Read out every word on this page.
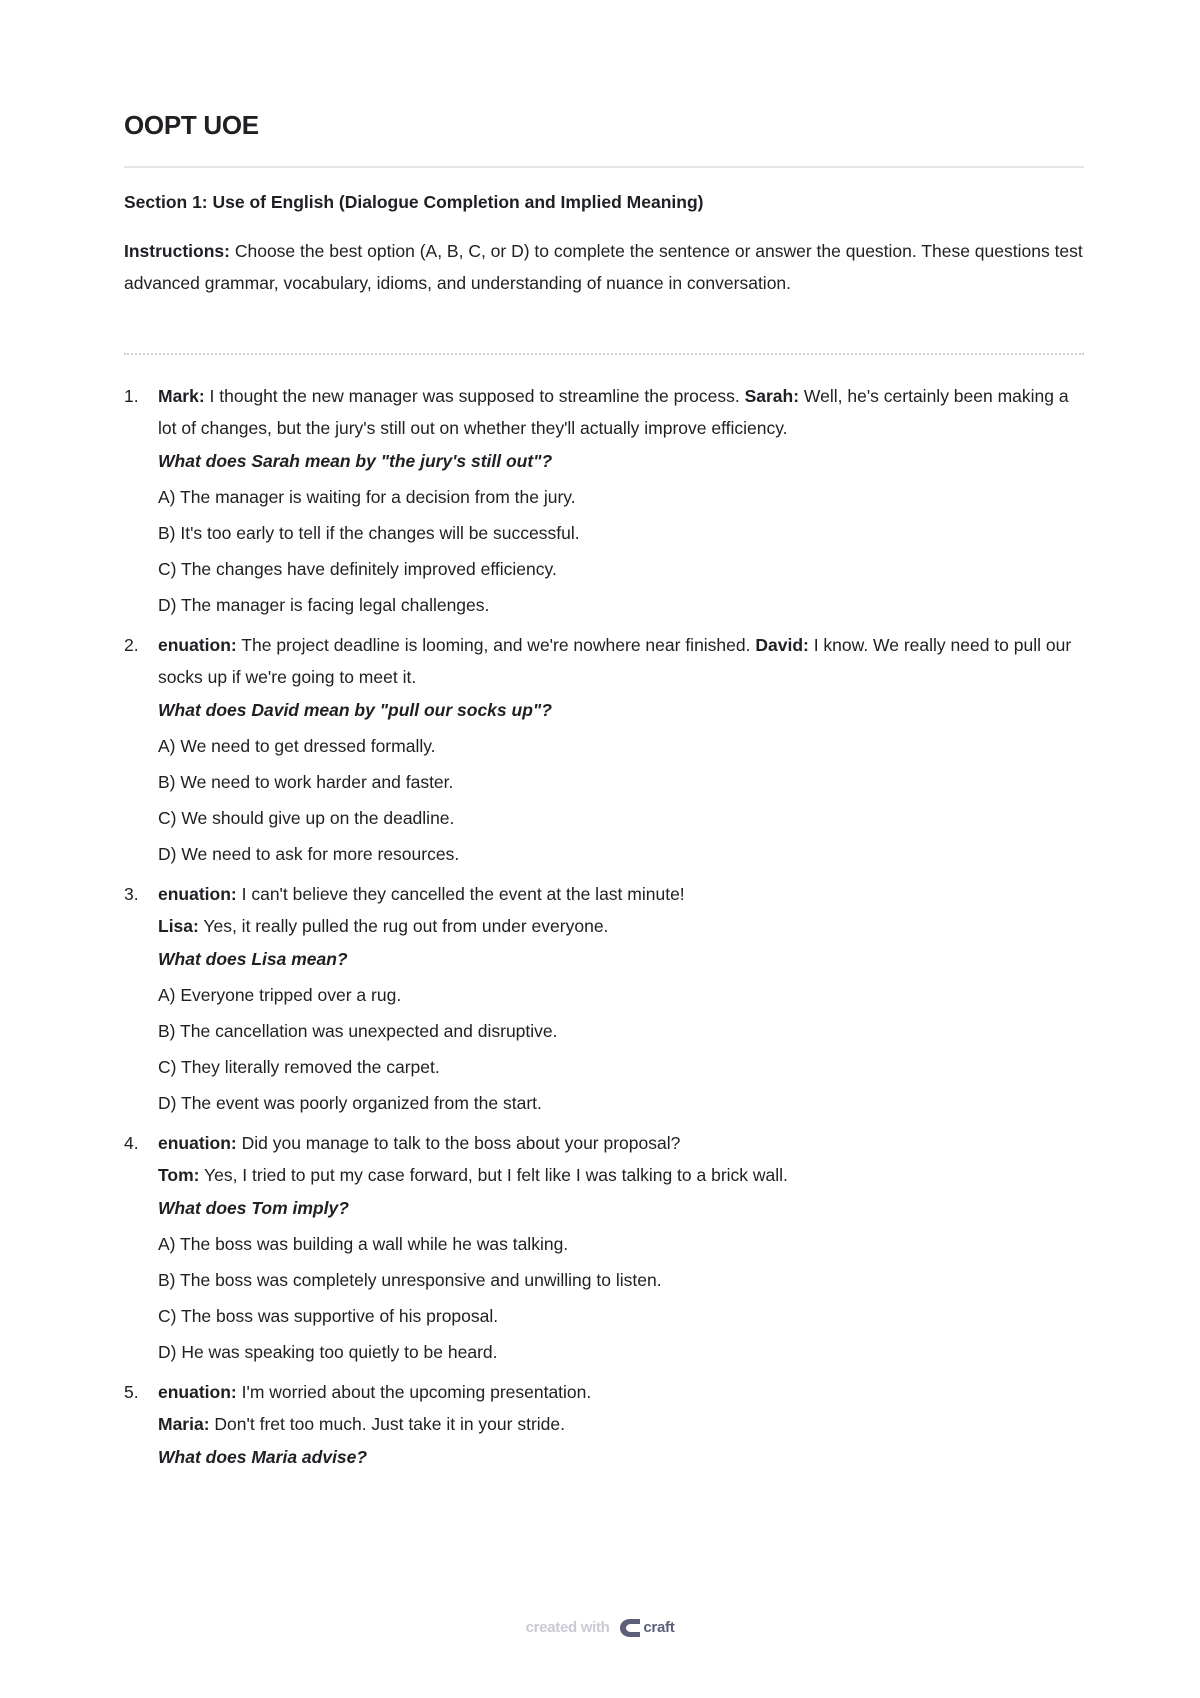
OOPT UOE

Section 1: Use of English (Dialogue Completion and Implied Meaning)

Instructions: Choose the best option (A, B, C, or D) to complete the sentence or answer the question. These questions test advanced grammar, vocabulary, idioms, and understanding of nuance in conversation.

1. Mark: I thought the new manager was supposed to streamline the process. Sarah: Well, he's certainly been making a lot of changes, but the jury's still out on whether they'll actually improve efficiency.

What does Sarah mean by "the jury's still out"?

A) The manager is waiting for a decision from the jury.

B) It's too early to tell if the changes will be successful.

C) The changes have definitely improved efficiency.

D) The manager is facing legal challenges.

2. enuation: The project deadline is looming, and we're nowhere near finished. David: I know. We really need to pull our socks up if we're going to meet it.

What does David mean by "pull our socks up"?

A) We need to get dressed formally.

B) We need to work harder and faster.

C) We should give up on the deadline.

D) We need to ask for more resources.

3. enuation: I can't believe they cancelled the event at the last minute!

Lisa: Yes, it really pulled the rug out from under everyone.

What does Lisa mean?

A) Everyone tripped over a rug.

B) The cancellation was unexpected and disruptive.

C) They literally removed the carpet.

D) The event was poorly organized from the start.

4. enuation: Did you manage to talk to the boss about your proposal?

Tom: Yes, I tried to put my case forward, but I felt like I was talking to a brick wall.

What does Tom imply?

A) The boss was building a wall while he was talking.

B) The boss was completely unresponsive and unwilling to listen.

C) The boss was supportive of his proposal.

D) He was speaking too quietly to be heard.

5. enuation: I'm worried about the upcoming presentation.

Maria: Don't fret too much. Just take it in your stride.

What does Maria advise?

created with craft
